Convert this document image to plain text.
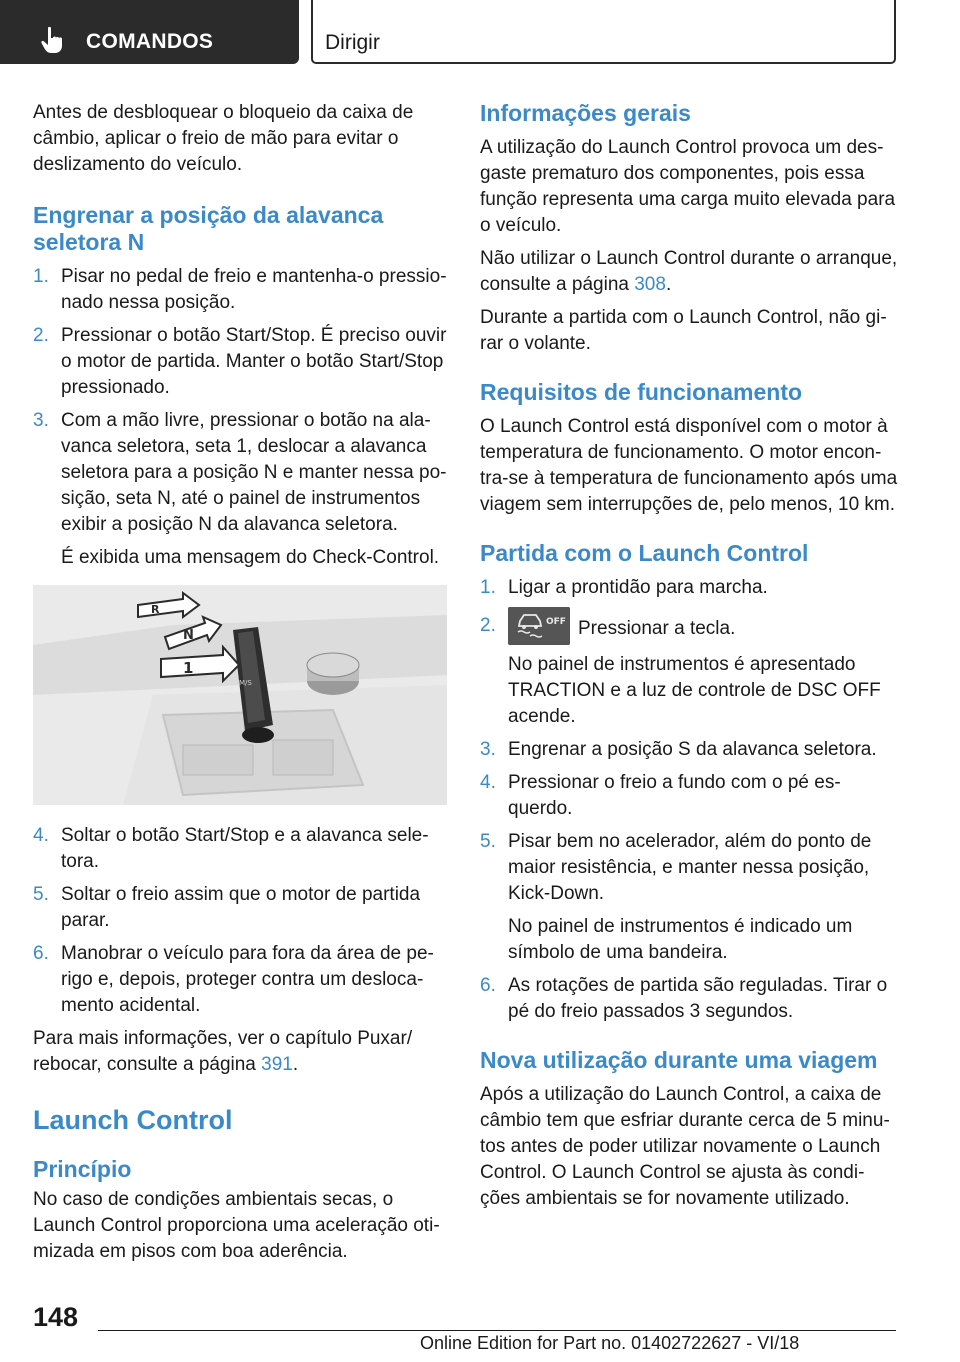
COMANDOS	Dirigir

Antes de desbloquear o bloqueio da caixa de câmbio, aplicar o freio de mão para evitar o deslizamento do veículo.

Engrenar a posição da alavanca seletora N
1. Pisar no pedal de freio e mantenha-o pressionado nessa posição.
2. Pressionar o botão Start/Stop. É preciso ouvir o motor de partida. Manter o botão Start/Stop pressionado.
3. Com a mão livre, pressionar o botão na alavanca seletora, seta 1, deslocar a alavanca seletora para a posição N e manter nessa posição, seta N, até o painel de instrumentos exibir a posição N da alavanca seletora.
É exibida uma mensagem do Check-Control.
M/S
R
N
1
4. Soltar o botão Start/Stop e a alavanca seletora.
5. Soltar o freio assim que o motor de partida parar.
6. Manobrar o veículo para fora da área de perigo e, depois, proteger contra um deslocamento acidental.

Para mais informações, ver o capítulo Puxar/ rebocar, consulte a página 391.

Launch Control
Princípio

No caso de condições ambientais secas, o Launch Control proporciona uma aceleração otimizada em pisos com boa aderência.

Informações gerais

A utilização do Launch Control provoca um desgaste prematuro dos componentes, pois essa função representa uma carga muito elevada para o veículo.

Não utilizar o Launch Control durante o arranque, consulte a página 308.

Durante a partida com o Launch Control, não girar o volante.

Requisitos de funcionamento

O Launch Control está disponível com o motor à temperatura de funcionamento. O motor encontra-se à temperatura de funcionamento após uma viagem sem interrupções de, pelo menos, 10 km.

Partida com o Launch Control
1. Ligar a prontidão para marcha.
2.	OFF Pressionar a tecla.
No painel de instrumentos é apresentado TRACTION e a luz de controle de DSC OFF acende.
3. Engrenar a posição S da alavanca seletora.
4. Pressionar o freio a fundo com o pé esquerdo.
5. Pisar bem no acelerador, além do ponto de maior resistência, e manter nessa posição, Kick-Down.
No painel de instrumentos é indicado um símbolo de uma bandeira.
6. As rotações de partida são reguladas. Tirar o pé do freio passados 3 segundos.
Nova utilização durante uma viagem

Após a utilização do Launch Control, a caixa de câmbio tem que esfriar durante cerca de 5 minutos antes de poder utilizar novamente o Launch Control. O Launch Control se ajusta às condições ambientais se for novamente utilizado.

148
Online Edition for Part no. 01402722627 - VI/18
